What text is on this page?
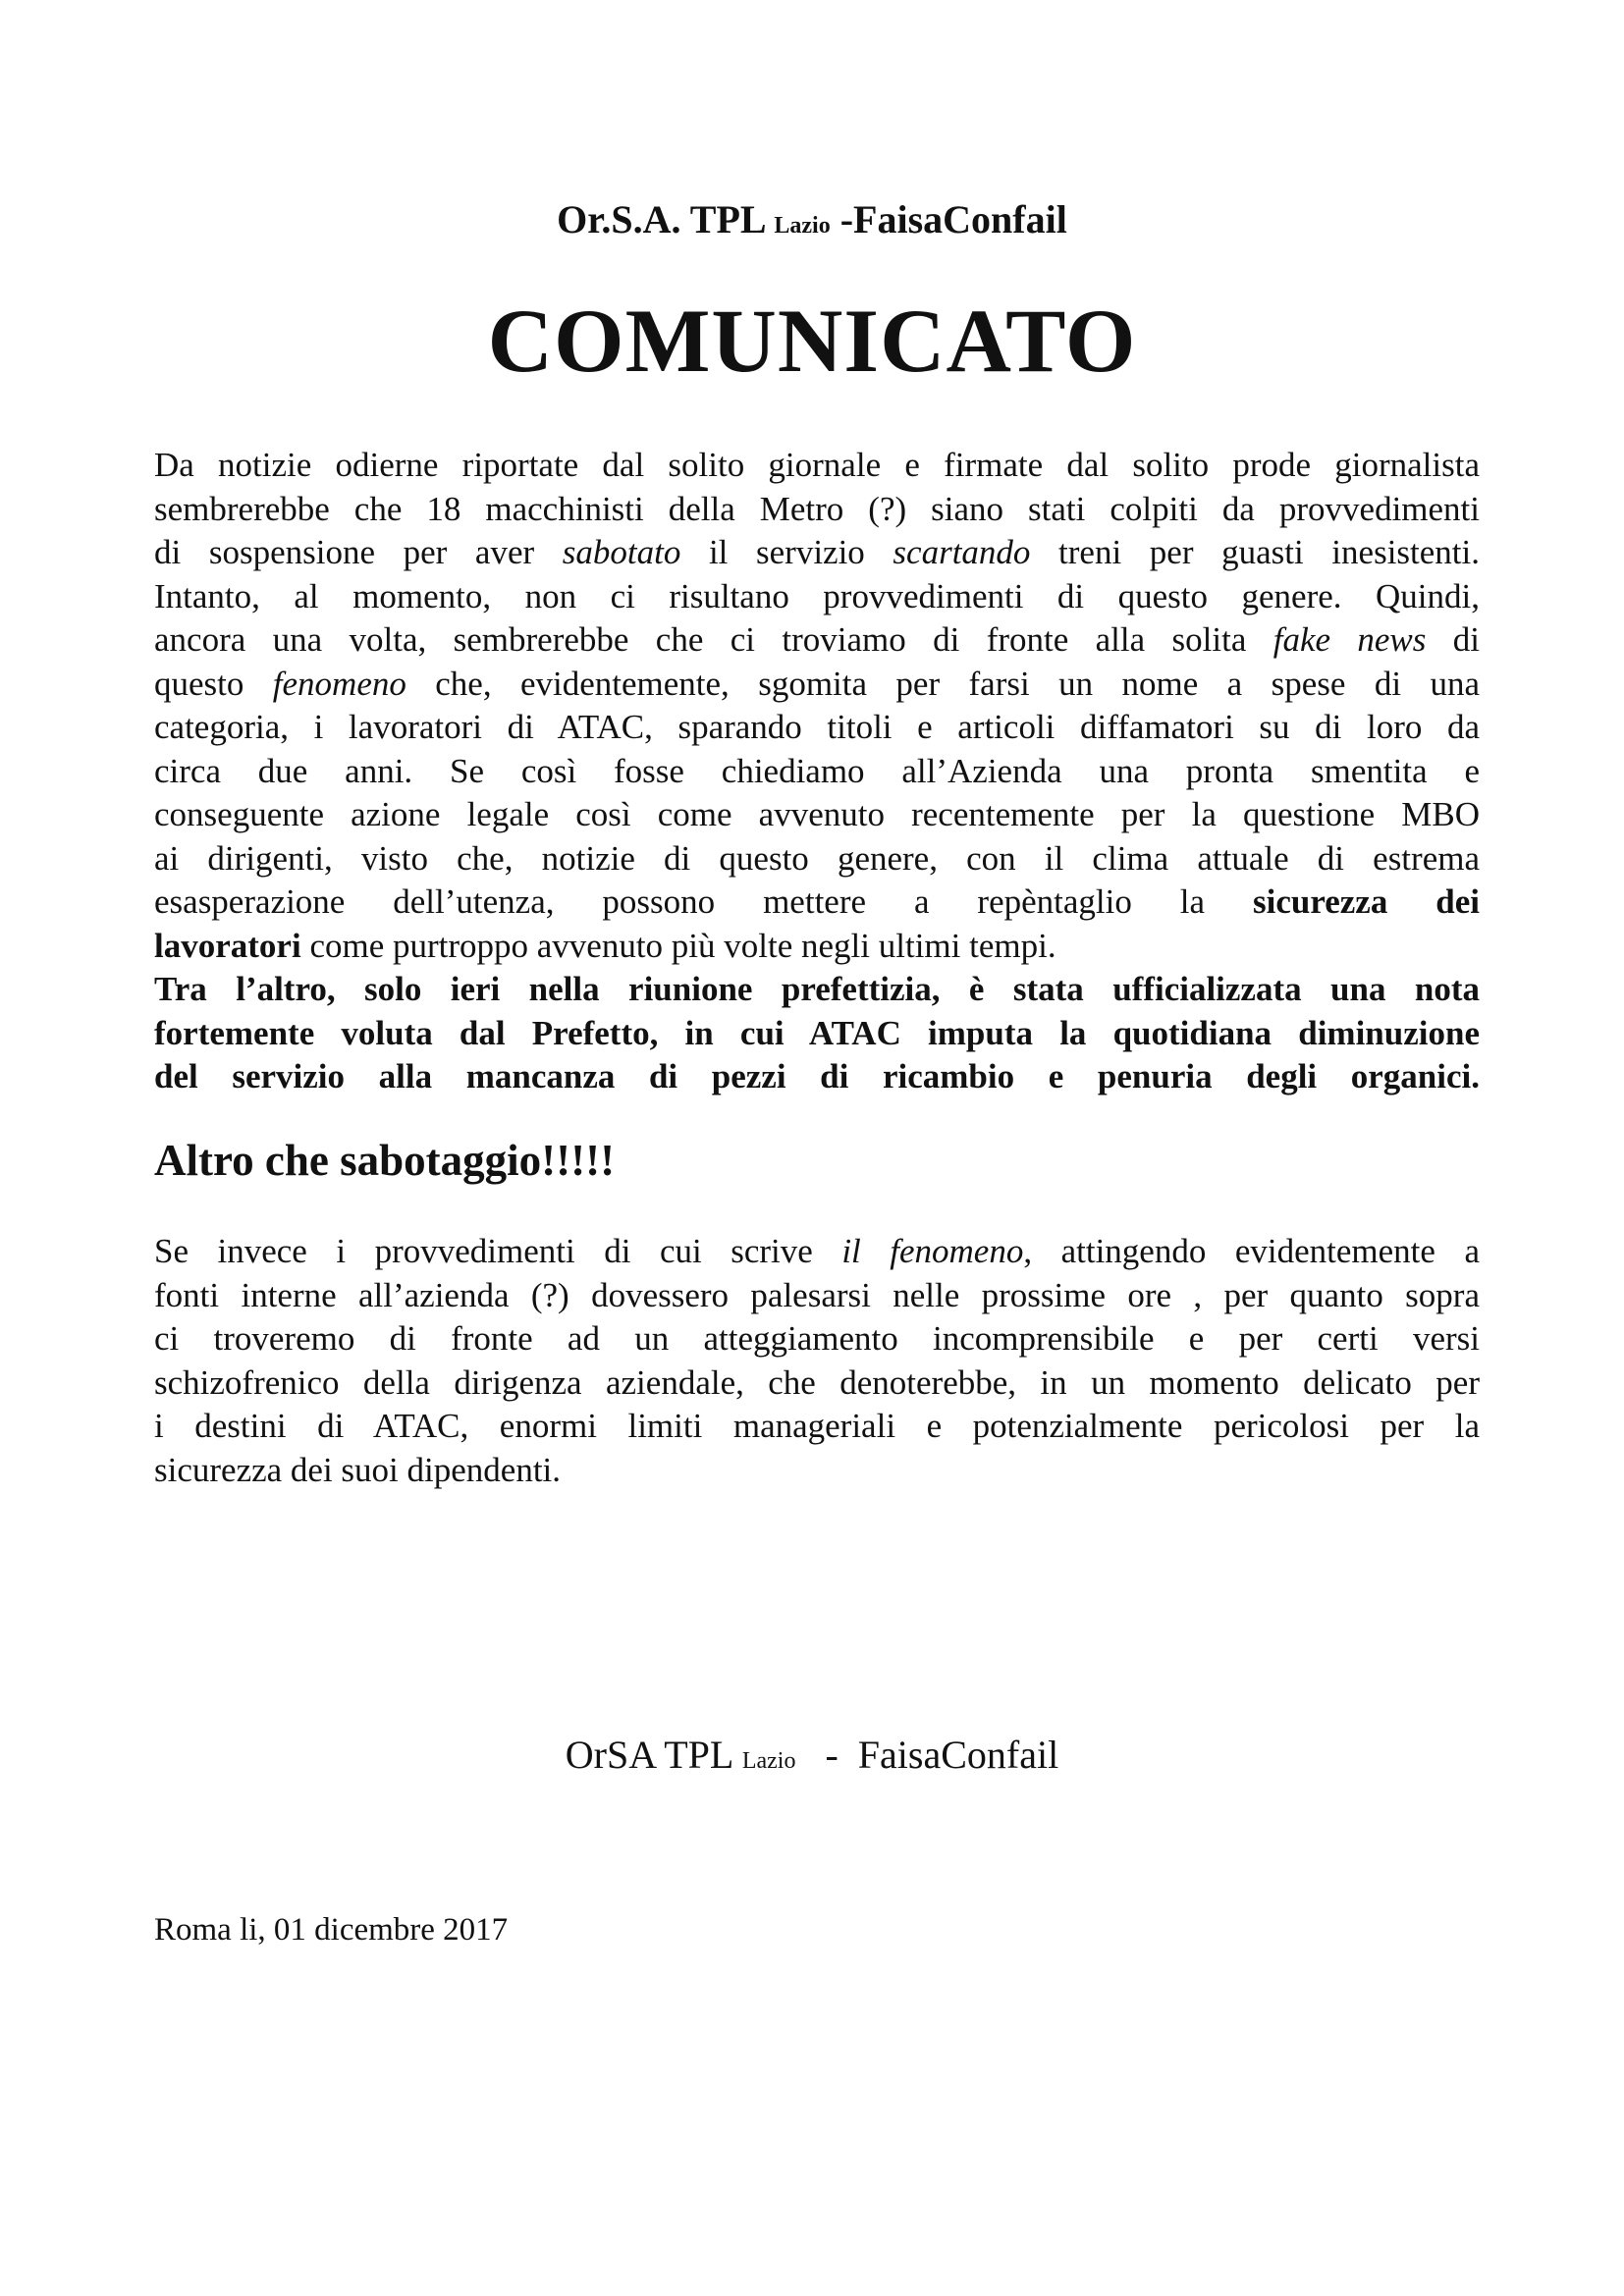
Or.S.A. TPL Lazio -FaisaConfail
COMUNICATO
Da notizie odierne riportate dal solito giornale e firmate dal solito prode giornalista
sembrerebbe che 18 macchinisti della Metro (?) siano stati colpiti da provvedimenti
di sospensione per aver sabotato il servizio scartando treni per guasti inesistenti.
Intanto, al momento, non ci risultano provvedimenti di questo genere. Quindi,
ancora una volta, sembrerebbe che ci troviamo di fronte alla solita fake news di
questo fenomeno che, evidentemente, sgomita per farsi un nome a spese di una
categoria, i lavoratori di ATAC, sparando titoli e articoli diffamatori su di loro da
circa due anni. Se così fosse chiediamo all’Azienda una pronta smentita e
conseguente azione legale così come avvenuto recentemente per la questione MBO
ai dirigenti, visto che, notizie di questo genere, con il clima attuale di estrema
esasperazione dell’utenza, possono mettere a repèntaglio la sicurezza dei
lavoratori come purtroppo avvenuto più volte negli ultimi tempi.
Tra l’altro, solo ieri nella riunione prefettizia, è stata ufficializzata una nota
fortemente voluta dal Prefetto, in cui ATAC imputa la quotidiana diminuzione
del servizio alla mancanza di pezzi di ricambio e penuria degli organici.
Altro che sabotaggio!!!!!
Se invece i provvedimenti di cui scrive il fenomeno, attingendo evidentemente a
fonti interne all’azienda (?) dovessero palesarsi nelle prossime ore , per quanto sopra
ci troveremo di fronte ad un atteggiamento incomprensibile e per certi versi
schizofrenico della dirigenza aziendale, che denoterebbe, in un momento delicato per
i destini di ATAC, enormi limiti manageriali e potenzialmente pericolosi per la
sicurezza dei suoi dipendenti.
OrSA TPL Lazio   -  FaisaConfail
Roma li, 01 dicembre 2017
